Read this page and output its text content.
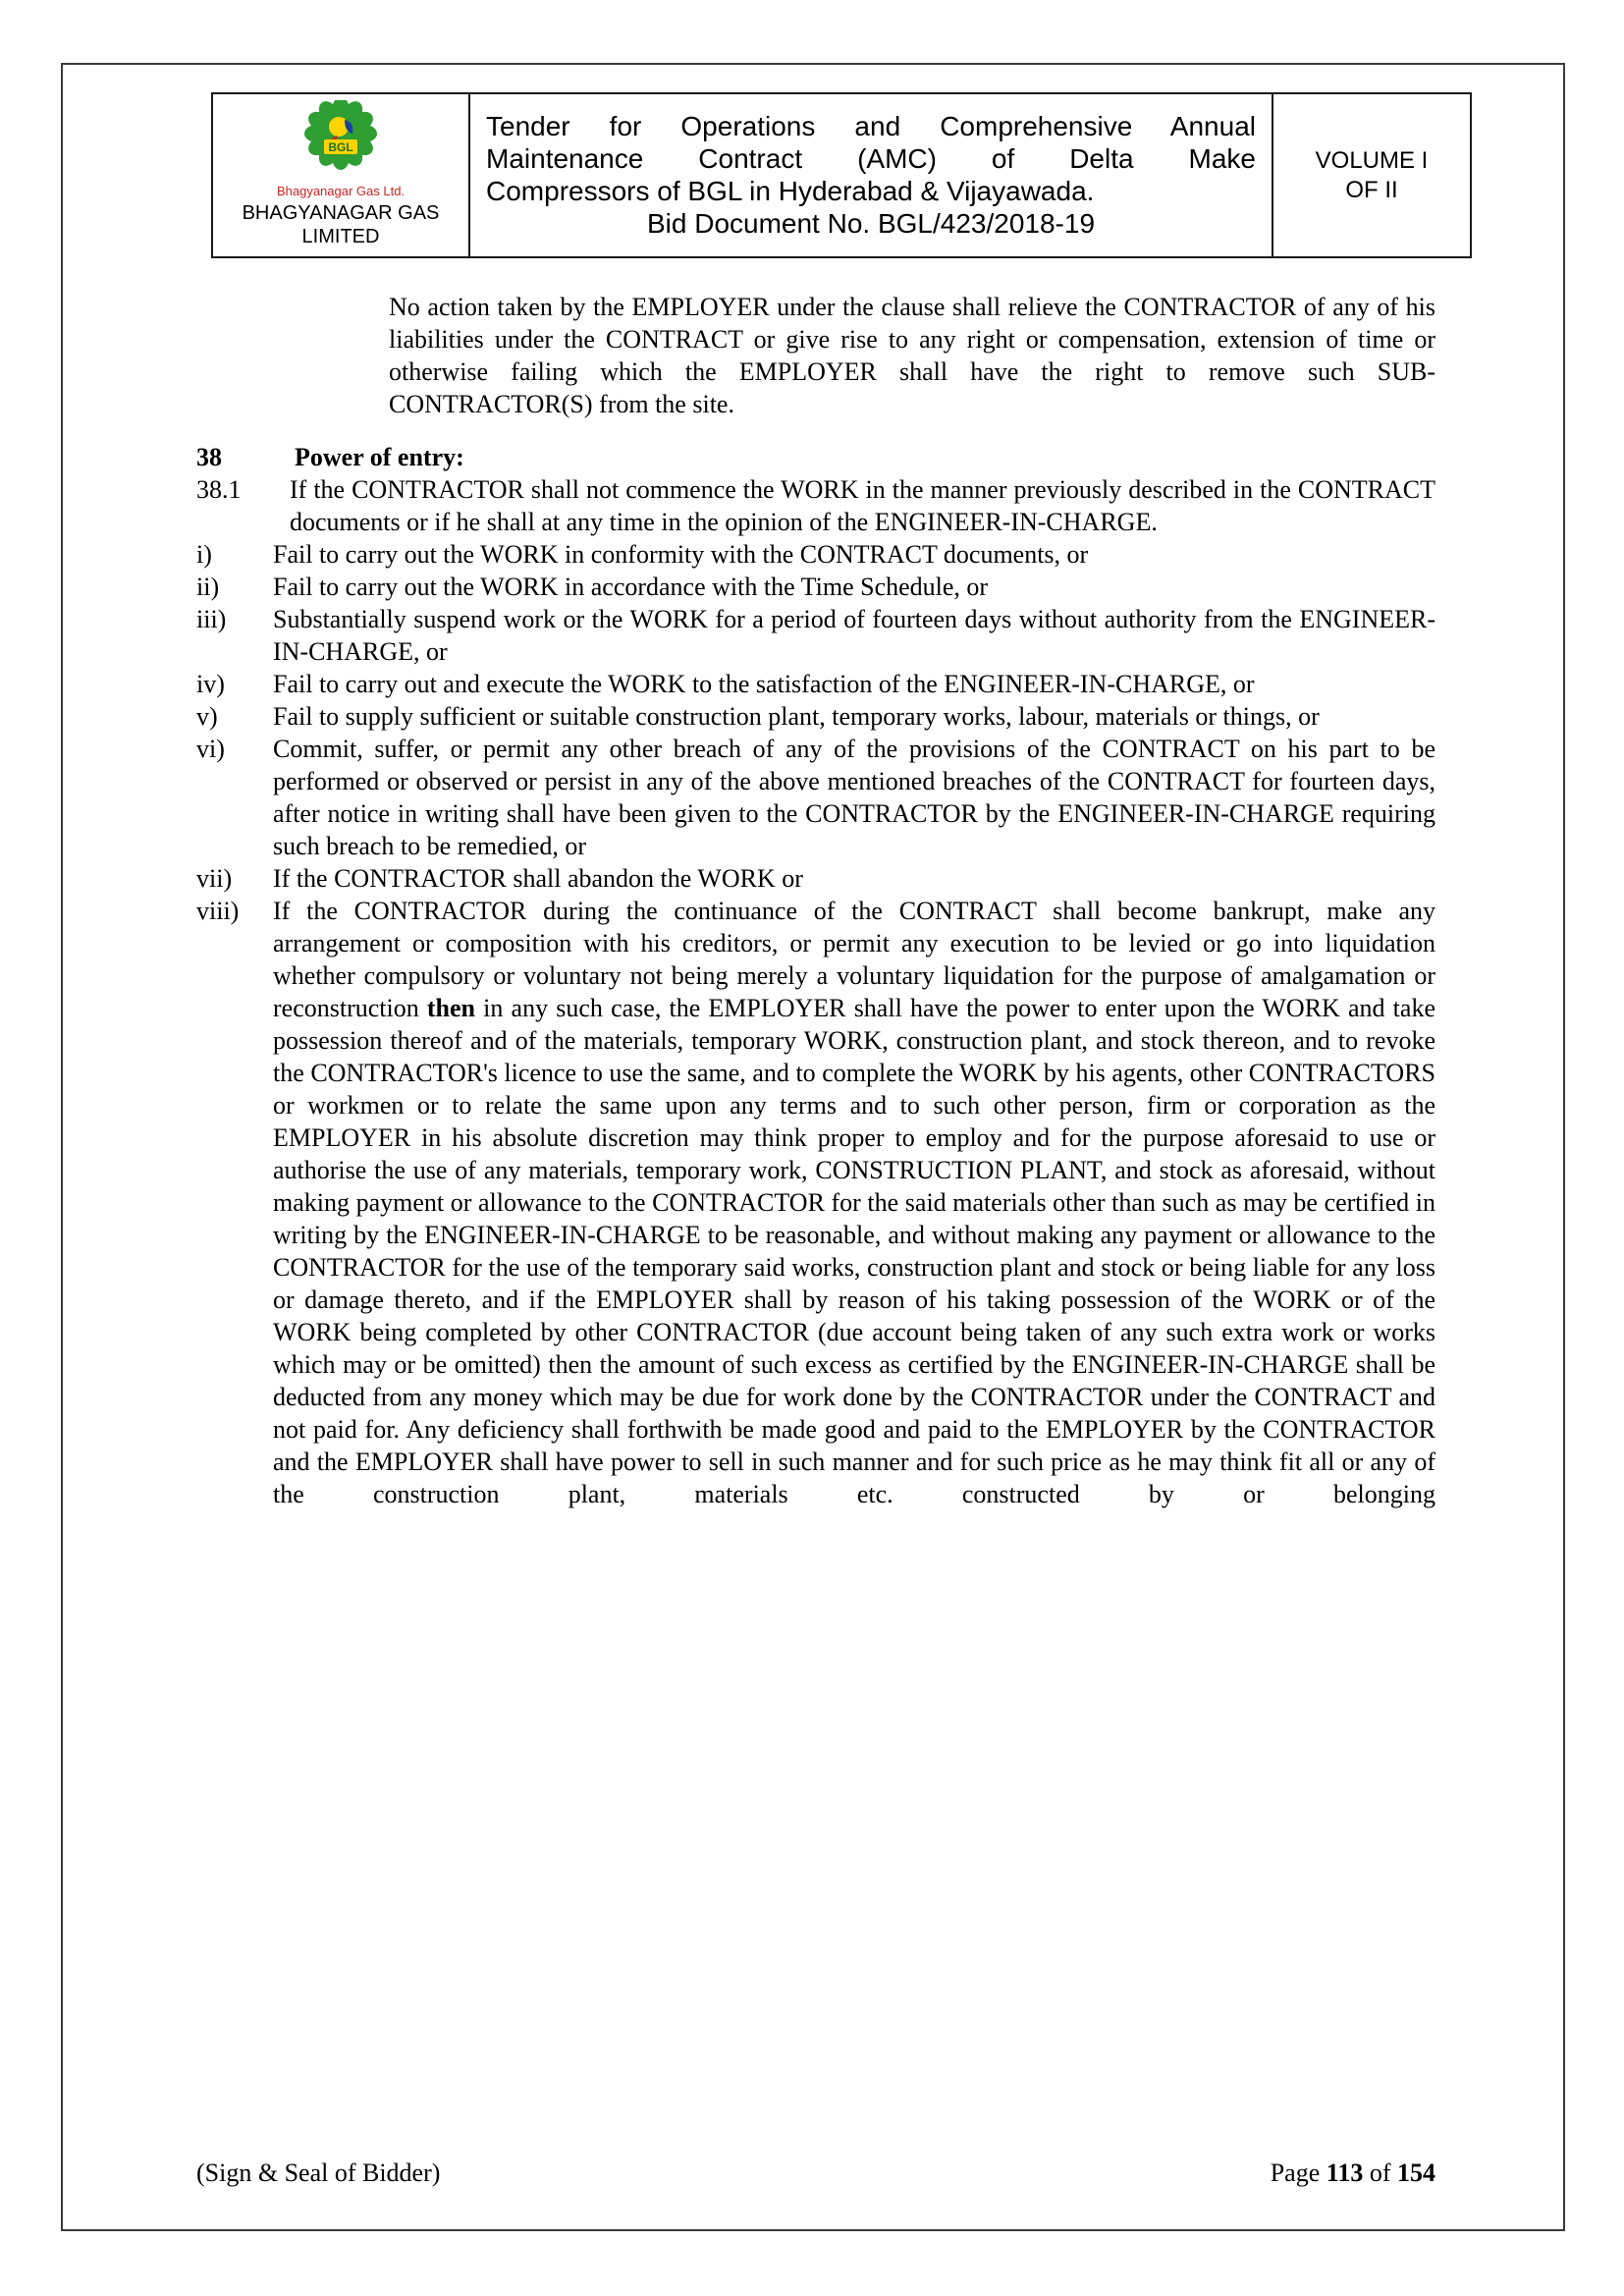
BGL
Bhagyanagar Gas Ltd.
BHAGYANAGAR GAS
LIMITED

Tender for Operations and Comprehensive Annual
Maintenance Contract (AMC) of Delta Make
Compressors of BGL in Hyderabad & Vijayawada.
Bid Document No. BGL/423/2018-19

VOLUME I
OF II
No action taken by the EMPLOYER under the clause shall relieve the CONTRACTOR of any of his liabilities under the CONTRACT or give rise to any right or compensation, extension of time or otherwise failing which the EMPLOYER shall have the right to remove such SUB-CONTRACTOR(S) from the site.
38	Power of entry:
38.1	If the CONTRACTOR shall not commence the WORK in the manner previously described in the CONTRACT documents or if he shall at any time in the opinion of the ENGINEER-IN-CHARGE.
i)	Fail to carry out the WORK in conformity with the CONTRACT documents, or
ii)	Fail to carry out the WORK in accordance with the Time Schedule, or
iii)	Substantially suspend work or the WORK for a period of fourteen days without authority from the ENGINEER-IN-CHARGE, or
iv)	Fail to carry out and execute the WORK to the satisfaction of the ENGINEER-IN-CHARGE, or
v)	Fail to supply sufficient or suitable construction plant, temporary works, labour, materials or things, or
vi)	Commit, suffer, or permit any other breach of any of the provisions of the CONTRACT on his part to be performed or observed or persist in any of the above mentioned breaches of the CONTRACT for fourteen days, after notice in writing shall have been given to the CONTRACTOR by the ENGINEER-IN-CHARGE requiring such breach to be remedied, or
vii)	If the CONTRACTOR shall abandon the WORK or
viii)	If the CONTRACTOR during the continuance of the CONTRACT shall become bankrupt, make any arrangement or composition with his creditors, or permit any execution to be levied or go into liquidation whether compulsory or voluntary not being merely a voluntary liquidation for the purpose of amalgamation or reconstruction then in any such case, the EMPLOYER shall have the power to enter upon the WORK and take possession thereof and of the materials, temporary WORK, construction plant, and stock thereon, and to revoke the CONTRACTOR's licence to use the same, and to complete the WORK by his agents, other CONTRACTORS or workmen or to relate the same upon any terms and to such other person, firm or corporation as the EMPLOYER in his absolute discretion may think proper to employ and for the purpose aforesaid to use or authorise the use of any materials, temporary work, CONSTRUCTION PLANT, and stock as aforesaid, without making payment or allowance to the CONTRACTOR for the said materials other than such as may be certified in writing by the ENGINEER-IN-CHARGE to be reasonable, and without making any payment or allowance to the CONTRACTOR for the use of the temporary said works, construction plant and stock or being liable for any loss or damage thereto, and if the EMPLOYER shall by reason of his taking possession of the WORK or of the WORK being completed by other CONTRACTOR (due account being taken of any such extra work or works which may or be omitted) then the amount of such excess as certified by the ENGINEER-IN-CHARGE shall be deducted from any money which may be due for work done by the CONTRACTOR under the CONTRACT and not paid for. Any deficiency shall forthwith be made good and paid to the EMPLOYER by the CONTRACTOR and the EMPLOYER shall have power to sell in such manner and for such price as he may think fit all or any of the construction plant, materials etc. constructed by or belonging
(Sign & Seal of Bidder)	Page 113 of 154
